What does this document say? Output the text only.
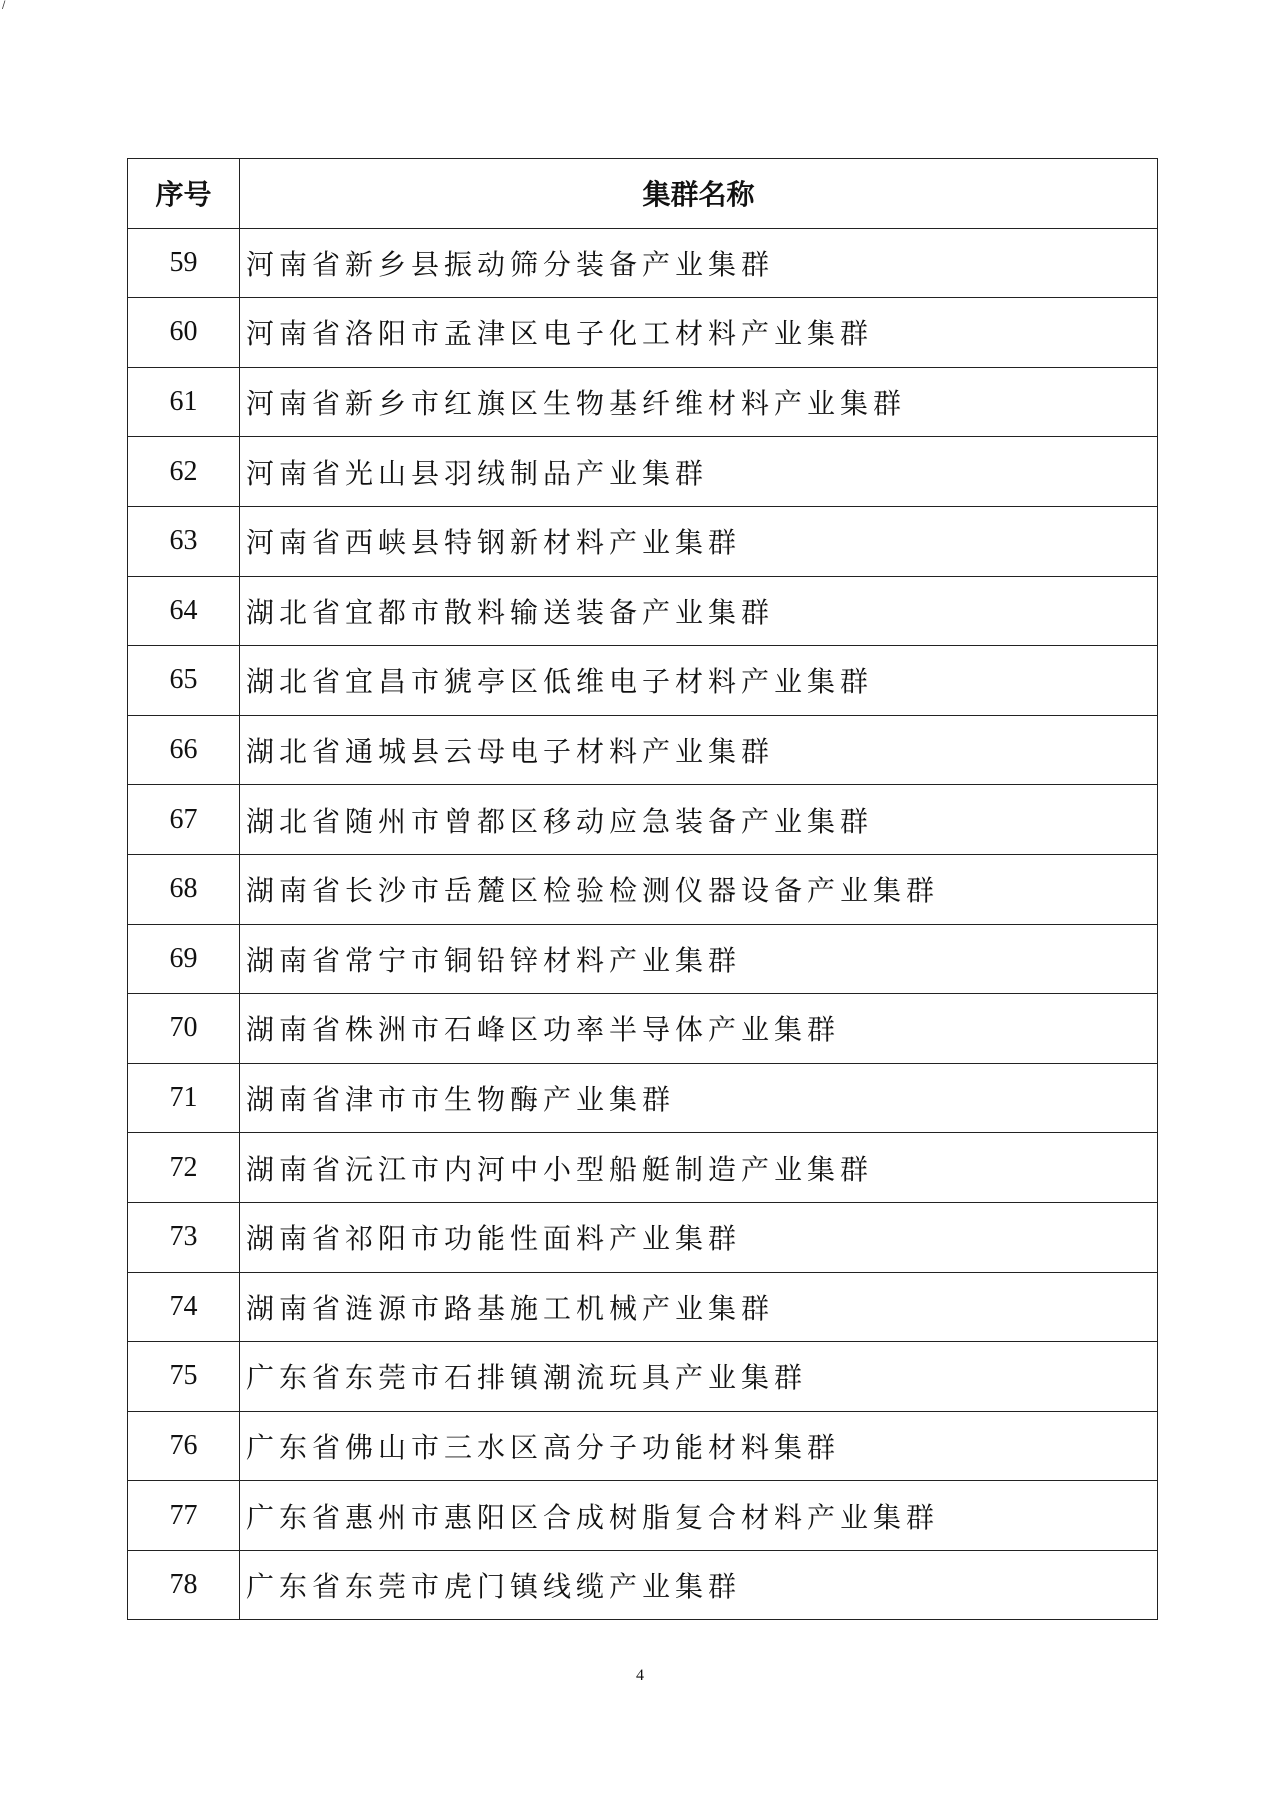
/
序号	集群名称
59	河南省新乡县振动筛分装备产业集群
60	河南省洛阳市孟津区电子化工材料产业集群
61	河南省新乡市红旗区生物基纤维材料产业集群
62	河南省光山县羽绒制品产业集群
63	河南省西峡县特钢新材料产业集群
64	湖北省宜都市散料输送装备产业集群
65	湖北省宜昌市猇亭区低维电子材料产业集群
66	湖北省通城县云母电子材料产业集群
67	湖北省随州市曾都区移动应急装备产业集群
68	湖南省长沙市岳麓区检验检测仪器设备产业集群
69	湖南省常宁市铜铅锌材料产业集群
70	湖南省株洲市石峰区功率半导体产业集群
71	湖南省津市市生物酶产业集群
72	湖南省沅江市内河中小型船艇制造产业集群
73	湖南省祁阳市功能性面料产业集群
74	湖南省涟源市路基施工机械产业集群
75	广东省东莞市石排镇潮流玩具产业集群
76	广东省佛山市三水区高分子功能材料集群
77	广东省惠州市惠阳区合成树脂复合材料产业集群
78	广东省东莞市虎门镇线缆产业集群
4
